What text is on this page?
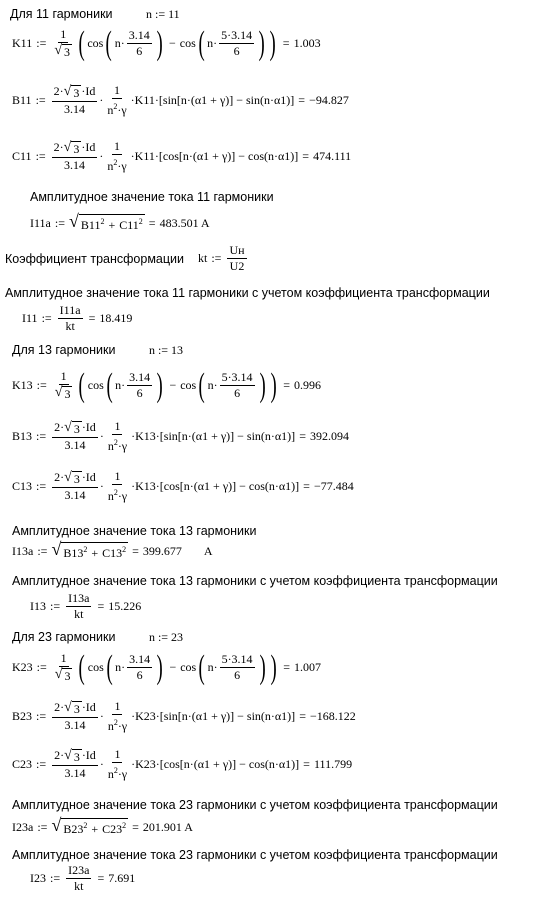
Для 11 гармоники	n := 11
K11 := $\frac{1}{√ 3}$ ( cos ( $n\cdot \frac{3.14}{6}$ ) − cos ( $n\cdot \frac{5\cdot 3.14}{6}$ ) ) = 1.003
B11 := $\frac{2\cdot √ 3 \cdot Id}{3.14} \cdot \frac{1}{n^2\cdot\gamma} \cdot K11 \cdot[\sin[n\cdot(\alpha 1 + \gamma)] - \sin(n\cdot\alpha 1)] = -94.827$
C11 := $\frac{2\cdot √ 3 \cdot Id}{3.14} \cdot \frac{1}{n^2\cdot\gamma} \cdot K11 \cdot[\cos[n\cdot(\alpha 1 + \gamma)] - \cos(n\cdot\alpha 1)] = 474.111$
Амплитудное значение тока 11 гармоники
I11a := √ $B11^2 + C11^2 = 483.501$ A
Коэффициент трансформации kt := $\frac{Uн}{U2}$
Амплитудное значение тока 11 гармоники с учетом коэффициента трансформации
I11 := $\frac{I11a}{kt} = 18.419$
Для 13 гармоники	n := 13
K13 := $\frac{1}{√ 3}$ ( cos ( $n\cdot \frac{3.14}{6}$ ) − cos ( $n\cdot \frac{5\cdot 3.14}{6}$ ) ) = 0.996
B13 := $\frac{2\cdot √ 3 \cdot Id}{3.14} \cdot \frac{1}{n^2\cdot\gamma} \cdot K13 \cdot[\sin[n\cdot(\alpha 1 + \gamma)] - \sin(n\cdot\alpha 1)] = 392.094$
C13 := $\frac{2\cdot √ 3 \cdot Id}{3.14} \cdot \frac{1}{n^2\cdot\gamma} \cdot K13 \cdot[\cos[n\cdot(\alpha 1 + \gamma)] - \cos(n\cdot\alpha 1)] = -77.484$
Амплитудное значение тока 13 гармоники
I13a := √ $B13^2 + C13^2 = 399.677$ A
Амплитудное значение тока 13 гармоники с учетом коэффициента трансформации
I13 := $\frac{I13a}{kt} = 15.226$
Для 23 гармоники	n := 23
K23 := $\frac{1}{√ 3}$ ( cos ( $n\cdot \frac{3.14}{6}$ ) − cos ( $n\cdot \frac{5\cdot 3.14}{6}$ ) ) = 1.007
B23 := $\frac{2\cdot √ 3 \cdot Id}{3.14} \cdot \frac{1}{n^2\cdot\gamma} \cdot K23 \cdot[\sin[n\cdot(\alpha 1 + \gamma)] - \sin(n\cdot\alpha 1)] = -168.122$
C23 := $\frac{2\cdot √ 3 \cdot Id}{3.14} \cdot \frac{1}{n^2\cdot\gamma} \cdot K23 \cdot[\cos[n\cdot(\alpha 1 + \gamma)] - \cos(n\cdot\alpha 1)] = 111.799$
Амплитудное значение тока 23 гармоники с учетом коэффициента трансформации
I23a := √ $B23^2 + C23^2 = 201.901$ A
Амплитудное значение тока 23 гармоники с учетом коэффициента трансформации
I23 := $\frac{I23a}{kt} = 7.691$
